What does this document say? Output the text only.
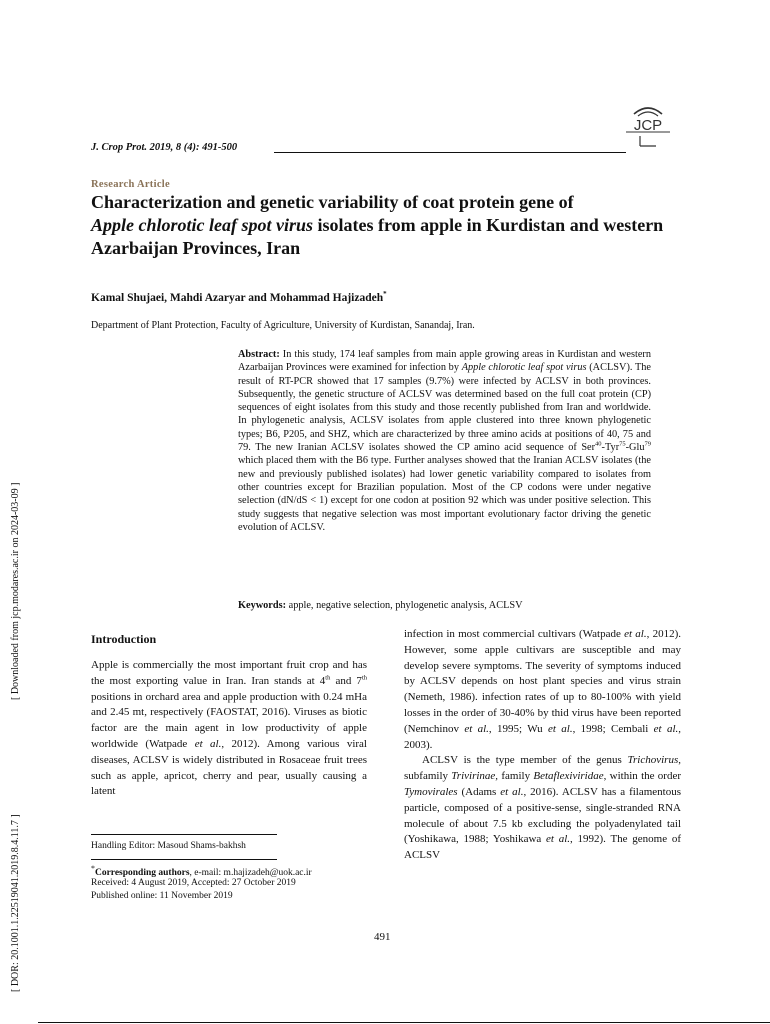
JCP
J. Crop Prot. 2019, 8 (4): 491-500
Research Article
Characterization and genetic variability of coat protein gene of
Apple chlorotic leaf spot virus isolates from apple in Kurdistan and western Azarbaijan Provinces, Iran
Kamal Shujaei, Mahdi Azaryar and Mohammad Hajizadeh*
Department of Plant Protection, Faculty of Agriculture, University of Kurdistan, Sanandaj, Iran.
Abstract: In this study, 174 leaf samples from main apple growing areas in Kurdistan and western Azarbaijan Provinces were examined for infection by Apple chlorotic leaf spot virus (ACLSV). The result of RT-PCR showed that 17 samples (9.7%) were infected by ACLSV in both provinces. Subsequently, the genetic structure of ACLSV was determined based on the full coat protein (CP) sequences of eight isolates from this study and those recently published from Iran and worldwide. In phylogenetic analysis, ACLSV isolates from apple clustered into three known phylogenetic types; B6, P205, and SHZ, which are characterized by three amino acids at positions of 40, 75 and 79. The new Iranian ACLSV isolates showed the CP amino acid sequence of Ser$^{40}$-Tyr$^{75}$-Glu$^{79}$ which placed them with the B6 type. Further analyses showed that the Iranian ACLSV isolates (the new and previously published isolates) had lower genetic variability compared to isolates from other countries except for Brazilian population. Most of the CP codons were under negative selection (dN/dS < 1) except for one codon at position 92 which was under positive selection. This study suggests that negative selection was most important evolutionary factor driving the genetic evolution of ACLSV.
Keywords: apple, negative selection, phylogenetic analysis, ACLSV
Introduction
Apple is commercially the most important fruit crop and has the most exporting value in Iran. Iran stands at 4th and 7th positions in orchard area and apple production with 0.24 mHa and 2.45 mt, respectively (FAOSTAT, 2016). Viruses as biotic factor are the main agent in low productivity of apple worldwide (Watpade et al., 2012). Among various viral diseases, ACLSV is widely distributed in Rosaceae fruit trees such as apple, apricot, cherry and pear, usually causing a latent

infection in most commercial cultivars (Watpade et al., 2012). However, some apple cultivars are susceptible and may develop severe symptoms. The severity of symptoms induced by ACLSV depends on host plant species and virus strain (Nemeth, 1986). infection rates of up to 80-100% with yield losses in the order of 30-40% by thid virus have been reported (Nemchinov et al., 1995; Wu et al., 1998; Cembali et al., 2003).

ACLSV is the type member of the genus Trichovirus, subfamily Trivirinae, family Betaflexiviridae, within the order Tymovirales (Adams et al., 2016). ACLSV has a filamentous particle, composed of a positive-sense, single-stranded RNA molecule of about 7.5 kb excluding the polyadenylated tail (Yoshikawa, 1988; Yoshikawa et al., 1992). The genome of ACLSV

Handling Editor: Masoud Shams-bakhsh
*Corresponding authors, e-mail: m.hajizadeh@uok.ac.ir
Received: 4 August 2019, Accepted: 27 October 2019
Published online: 11 November 2019
491
[ Downloaded from jcp.modares.ac.ir on 2024-03-09 ]
[ DOR: 20.1001.1.22519041.2019.8.4.11.7 ]
